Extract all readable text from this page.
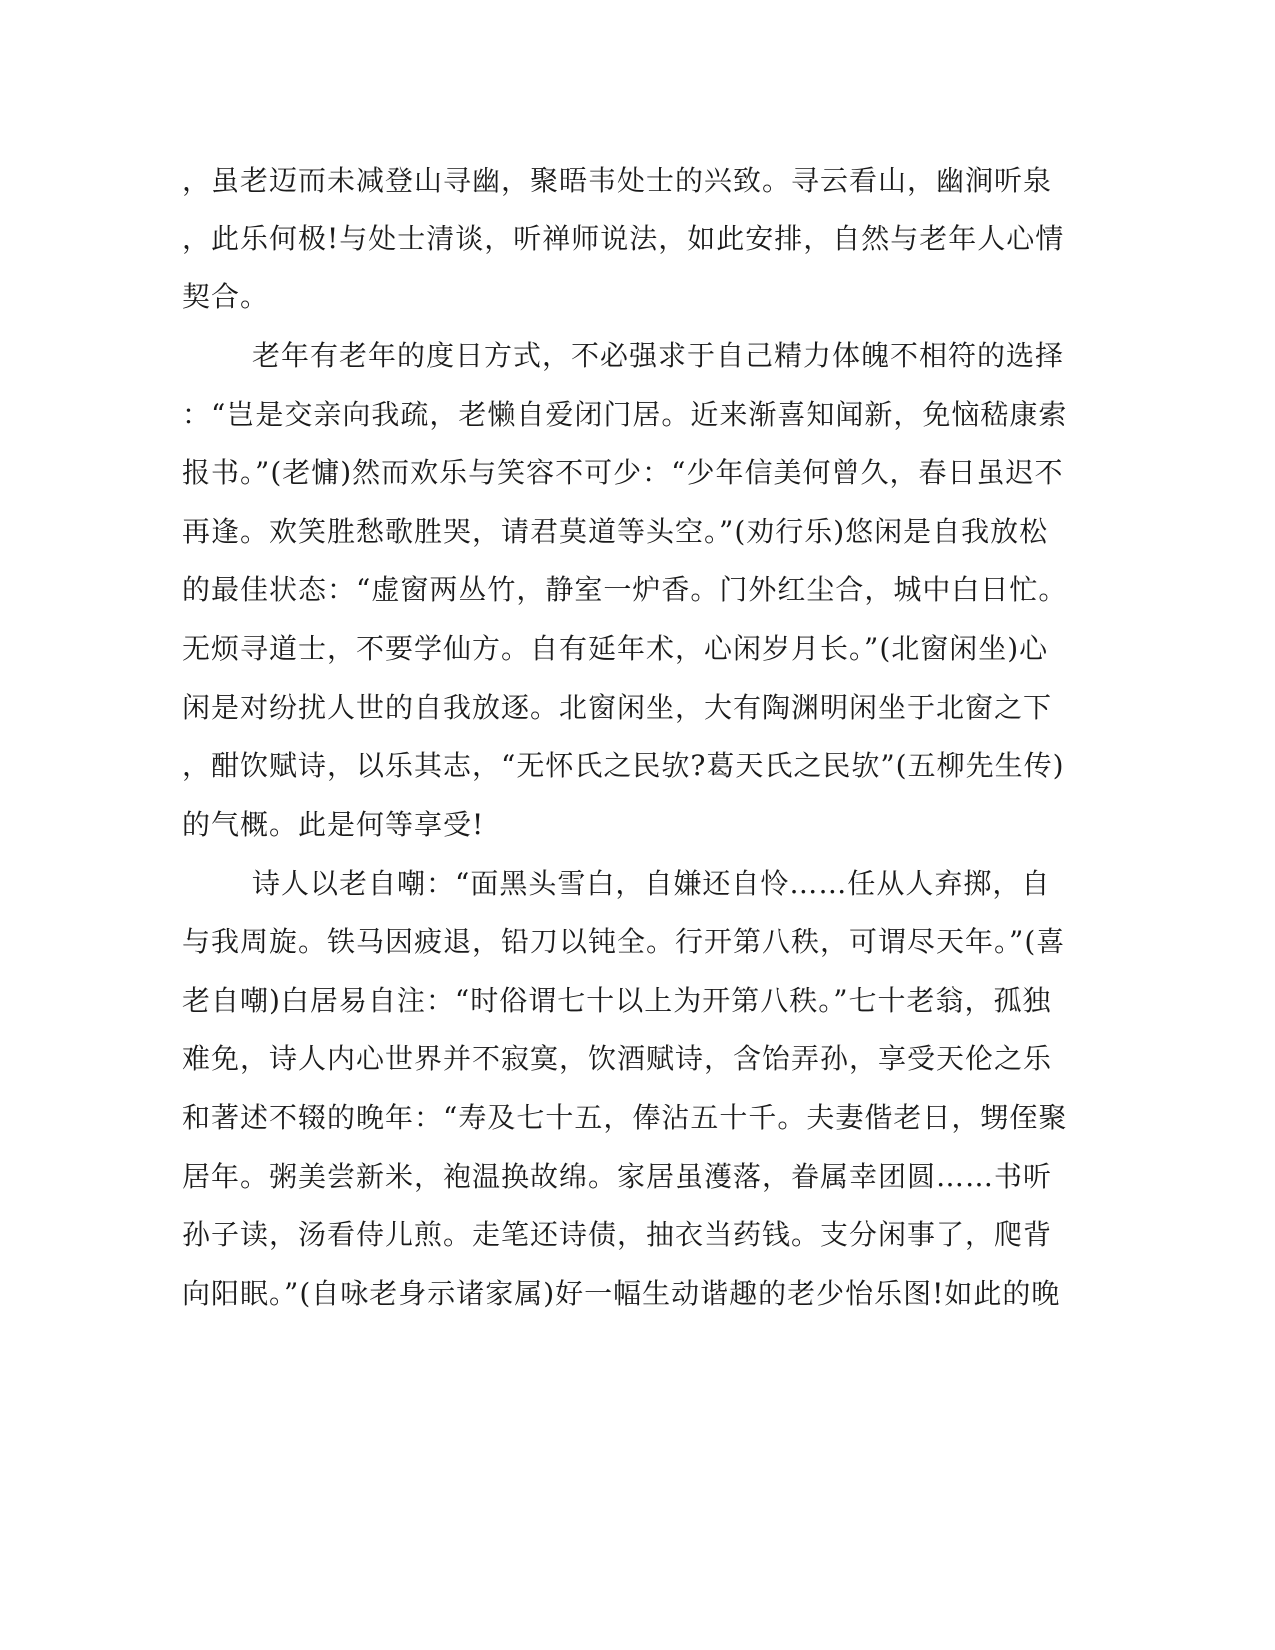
，虽老迈而未减登山寻幽，聚晤韦处士的兴致。寻云看山，幽涧听泉
，此乐何极!与处士清谈，听禅师说法，如此安排，自然与老年人心情
契合。
老年有老年的度日方式，不必强求于自己精力体魄不相符的选择
：“岂是交亲向我疏，老懒自爱闭门居。近来渐喜知闻新，免恼嵇康索
报书。”(老慵)然而欢乐与笑容不可少：“少年信美何曾久，春日虽迟不
再逢。欢笑胜愁歌胜哭，请君莫道等头空。”(劝行乐)悠闲是自我放松
的最佳状态：“虚窗两丛竹，静室一炉香。门外红尘合，城中白日忙。
无烦寻道士，不要学仙方。自有延年术，心闲岁月长。”(北窗闲坐)心
闲是对纷扰人世的自我放逐。北窗闲坐，大有陶渊明闲坐于北窗之下
，酣饮赋诗，以乐其志，“无怀氏之民欤?葛天氏之民欤”(五柳先生传)
的气概。此是何等享受!
诗人以老自嘲：“面黑头雪白，自嫌还自怜……任从人弃掷，自
与我周旋。铁马因疲退，铅刀以钝全。行开第八秩，可谓尽天年。”(喜
老自嘲)白居易自注：“时俗谓七十以上为开第八秩。”七十老翁，孤独
难免，诗人内心世界并不寂寞，饮酒赋诗，含饴弄孙，享受天伦之乐
和著述不辍的晚年：“寿及七十五，俸沾五十千。夫妻偕老日，甥侄聚
居年。粥美尝新米，袍温换故绵。家居虽濩落，眷属幸团圆……书听
孙子读，汤看侍儿煎。走笔还诗债，抽衣当药钱。支分闲事了，爬背
向阳眠。”(自咏老身示诸家属)好一幅生动谐趣的老少怡乐图!如此的晚
